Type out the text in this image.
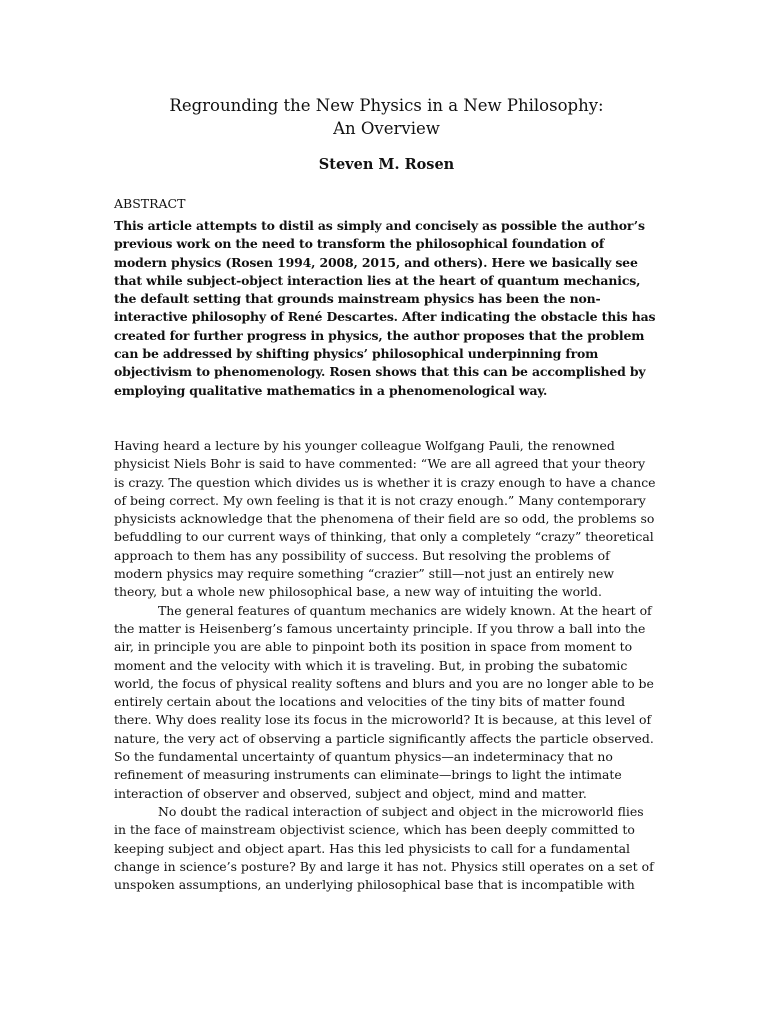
Regrounding the New Physics in a New Philosophy:
An Overview
Steven M. Rosen
ABSTRACT

This article attempts to distil as simply and concisely as possible the author’s previous work on the need to transform the philosophical foundation of modern physics (Rosen 1994, 2008, 2015, and others). Here we basically see that while subject-object interaction lies at the heart of quantum mechanics, the default setting that grounds mainstream physics has been the non-interactive philosophy of René Descartes. After indicating the obstacle this has created for further progress in physics, the author proposes that the problem can be addressed by shifting physics’ philosophical underpinning from objectivism to phenomenology. Rosen shows that this can be accomplished by employing qualitative mathematics in a phenomenological way.

Having heard a lecture by his younger colleague Wolfgang Pauli, the renowned physicist Niels Bohr is said to have commented: “We are all agreed that your theory is crazy. The question which divides us is whether it is crazy enough to have a chance of being correct. My own feeling is that it is not crazy enough.” Many contemporary physicists acknowledge that the phenomena of their field are so odd, the problems so befuddling to our current ways of thinking, that only a completely “crazy” theoretical approach to them has any possibility of success. But resolving the problems of modern physics may require something “crazier” still—not just an entirely new theory, but a whole new philosophical base, a new way of intuiting the world.

The general features of quantum mechanics are widely known. At the heart of the matter is Heisenberg’s famous uncertainty principle. If you throw a ball into the air, in principle you are able to pinpoint both its position in space from moment to moment and the velocity with which it is traveling. But, in probing the subatomic world, the focus of physical reality softens and blurs and you are no longer able to be entirely certain about the locations and velocities of the tiny bits of matter found there. Why does reality lose its focus in the microworld? It is because, at this level of nature, the very act of observing a particle significantly affects the particle observed. So the fundamental uncertainty of quantum physics—an indeterminacy that no refinement of measuring instruments can eliminate—brings to light the intimate interaction of observer and observed, subject and object, mind and matter.

No doubt the radical interaction of subject and object in the microworld flies in the face of mainstream objectivist science, which has been deeply committed to keeping subject and object apart. Has this led physicists to call for a fundamental change in science’s posture? By and large it has not. Physics still operates on a set of unspoken assumptions, an underlying philosophical base that is incompatible with
